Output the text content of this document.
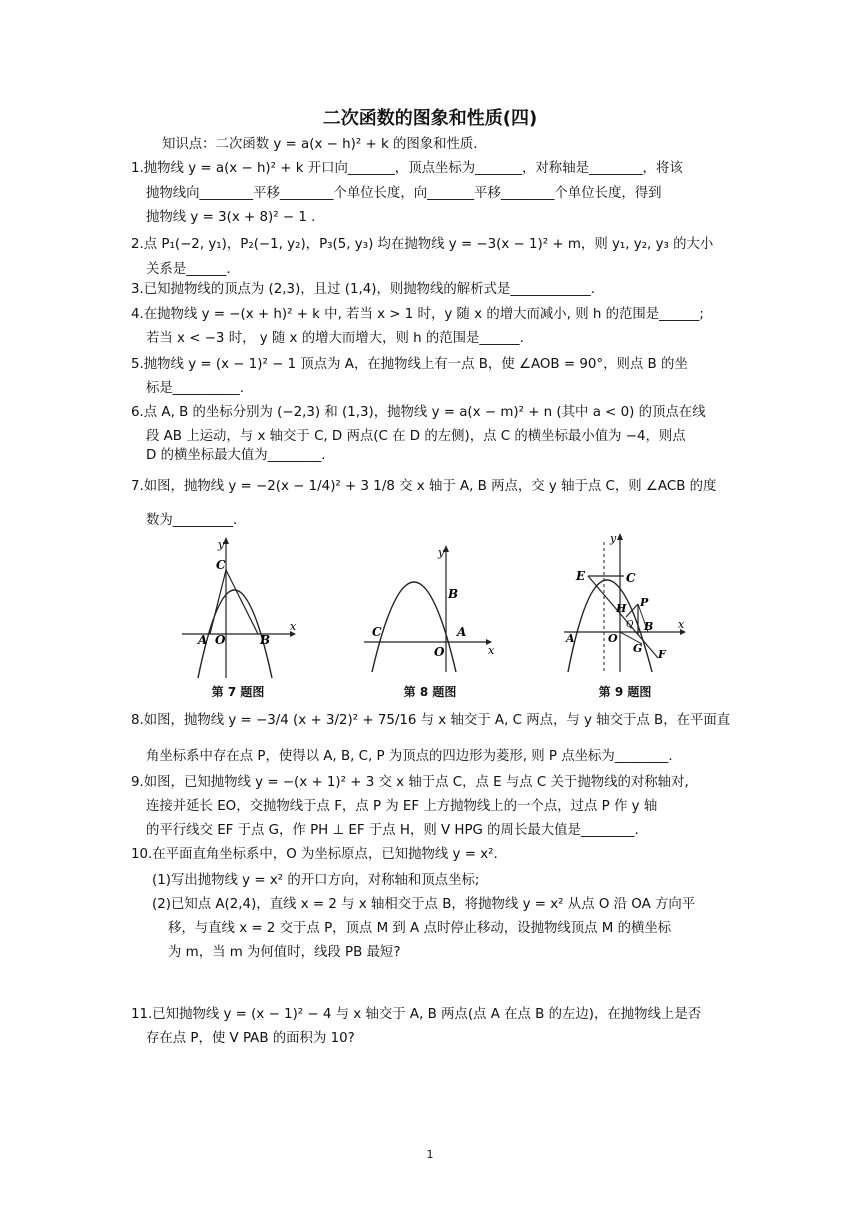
二次函数的图象和性质(四)
知识点：二次函数 y = a(x − h)² + k 的图象和性质.
1.抛物线 y = a(x − h)² + k 开口向_______，顶点坐标为_______，对称轴是________，将该
抛物线向________平移________个单位长度，向_______平移________个单位长度，得到
抛物线 y = 3(x + 8)² − 1 .
2.点 P₁(−2, y₁)，P₂(−1, y₂)，P₃(5, y₃) 均在抛物线 y = −3(x − 1)² + m，则 y₁, y₂, y₃ 的大小
关系是______.
3.已知抛物线的顶点为 (2,3)，且过 (1,4)，则抛物线的解析式是____________.
4.在抛物线 y = −(x + h)² + k 中, 若当 x > 1 时，y 随 x 的增大而减小, 则 h 的范围是______;
若当 x < −3 时， y 随 x 的增大而增大，则 h 的范围是______.
5.抛物线 y = (x − 1)² − 1 顶点为 A，在抛物线上有一点 B，使 ∠AOB = 90°，则点 B 的坐
标是__________.
6.点 A, B 的坐标分别为 (−2,3) 和 (1,3)，抛物线 y = a(x − m)² + n (其中 a < 0) 的顶点在线
段 AB 上运动，与 x 轴交于 C, D 两点(C 在 D 的左侧)，点 C 的横坐标最小值为 −4，则点
D 的横坐标最大值为________.
7.如图，抛物线 y = −2(x − 1/4)² + 3 1/8 交 x 轴于 A, B 两点，交 y 轴于点 C，则 ∠ACB 的度
数为_________.
y
x
C
A O	B
第 7 题图
y
x
B
C	A
O
第 8 题图
y
x
E	C
H P
B
Q
O
G F
A
第 9 题图
8.如图，抛物线 y = −3/4 (x + 3/2)² + 75/16 与 x 轴交于 A, C 两点，与 y 轴交于点 B，在平面直
角坐标系中存在点 P，使得以 A, B, C, P 为顶点的四边形为菱形, 则 P 点坐标为________.
9.如图，已知抛物线 y = −(x + 1)² + 3 交 x 轴于点 C，点 E 与点 C 关于抛物线的对称轴对,
连接并延长 EO，交抛物线于点 F，点 P 为 EF 上方抛物线上的一个点，过点 P 作 y 轴
的平行线交 EF 于点 G，作 PH ⊥ EF 于点 H，则 V HPG 的周长最大值是________.
10.在平面直角坐标系中，O 为坐标原点，已知抛物线 y = x².
(1)写出抛物线 y = x² 的开口方向，对称轴和顶点坐标;
(2)已知点 A(2,4)，直线 x = 2 与 x 轴相交于点 B，将抛物线 y = x² 从点 O 沿 OA 方向平
移，与直线 x = 2 交于点 P，顶点 M 到 A 点时停止移动，设抛物线顶点 M 的横坐标
为 m，当 m 为何值时，线段 PB 最短?
11.已知抛物线 y = (x − 1)² − 4 与 x 轴交于 A, B 两点(点 A 在点 B 的左边)，在抛物线上是否
存在点 P，使 V PAB 的面积为 10?
1
